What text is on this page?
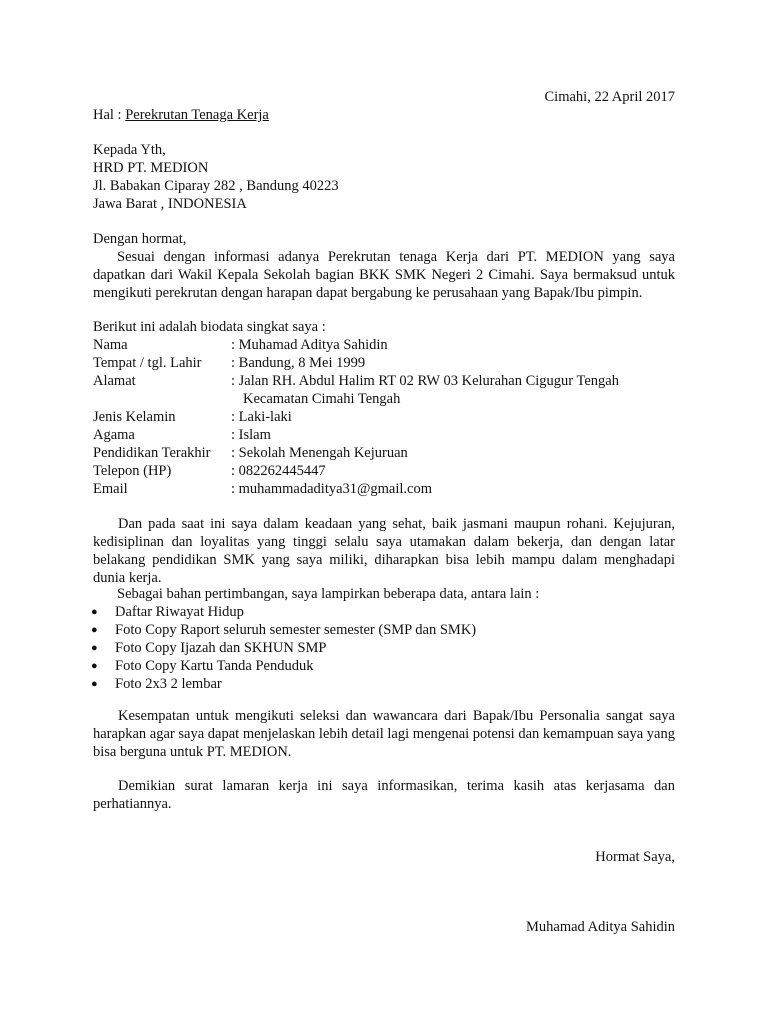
Cimahi, 22 April 2017
Hal : Perekrutan Tenaga Kerja
Kepada Yth,
HRD PT. MEDION
Jl. Babakan Ciparay 282 , Bandung 40223
Jawa Barat , INDONESIA
Dengan hormat,
Sesuai dengan informasi adanya Perekrutan tenaga Kerja dari PT. MEDION yang saya dapatkan dari Wakil Kepala Sekolah bagian BKK SMK Negeri 2 Cimahi. Saya bermaksud untuk mengikuti perekrutan dengan harapan dapat bergabung ke perusahaan yang Bapak/Ibu pimpin.
Berikut ini adalah biodata singkat saya :
Nama	: Muhamad Aditya Sahidin
Tempat / tgl. Lahir : Bandung, 8 Mei 1999
Alamat	: Jalan RH. Abdul Halim RT 02 RW 03 Kelurahan Cigugur Tengah
Kecamatan Cimahi Tengah
Jenis Kelamin	: Laki-laki
Agama	: Islam
Pendidikan Terakhir : Sekolah Menengah Kejuruan
Telepon (HP)	: 082262445447
Email	: muhammadaditya31@gmail.com
Dan pada saat ini saya dalam keadaan yang sehat, baik jasmani maupun rohani. Kejujuran, kedisiplinan dan loyalitas yang tinggi selalu saya utamakan dalam bekerja, dan dengan latar belakang pendidikan SMK yang saya miliki, diharapkan bisa lebih mampu dalam menghadapi dunia kerja.
Sebagai bahan pertimbangan, saya lampirkan beberapa data, antara lain :
● Daftar Riwayat Hidup
● Foto Copy Raport seluruh semester semester (SMP dan SMK)
● Foto Copy Ijazah dan SKHUN SMP
● Foto Copy Kartu Tanda Penduduk
● Foto 2x3 2 lembar
Kesempatan untuk mengikuti seleksi dan wawancara dari Bapak/Ibu Personalia sangat saya harapkan agar saya dapat menjelaskan lebih detail lagi mengenai potensi dan kemampuan saya yang bisa berguna untuk PT. MEDION.
Demikian surat lamaran kerja ini saya informasikan, terima kasih atas kerjasama dan perhatiannya.
Hormat Saya,
Muhamad Aditya Sahidin
